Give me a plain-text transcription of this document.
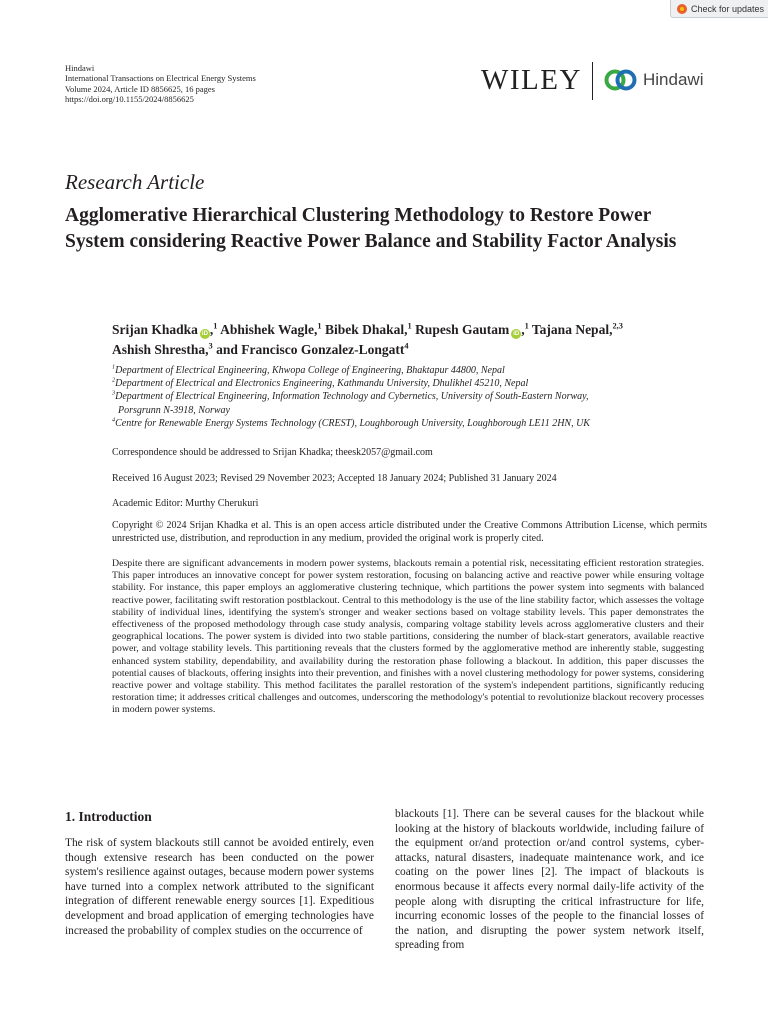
Check for updates
Hindawi
International Transactions on Electrical Energy Systems
Volume 2024, Article ID 8856625, 16 pages
https://doi.org/10.1155/2024/8856625
WILEY	Hindawi
Research Article
Agglomerative Hierarchical Clustering Methodology to Restore Power System considering Reactive Power Balance and Stability Factor Analysis
Srijan Khadka iD ,$^1$ Abhishek Wagle,$^1$ Bibek Dhakal,$^1$ Rupesh Gautam iD ,$^1$ Tajana Nepal,$^{2,3}$
Ashish Shrestha,$^3$ and Francisco Gonzalez-Longatt$^4$
$^1$Department of Electrical Engineering, Khwopa College of Engineering, Bhaktapur 44800, Nepal
$^2$Department of Electrical and Electronics Engineering, Kathmandu University, Dhulikhel 45210, Nepal
$^3$Department of Electrical Engineering, Information Technology and Cybernetics, University of South-Eastern Norway,
Porsgrunn N-3918, Norway
$^4$Centre for Renewable Energy Systems Technology (CREST), Loughborough University, Loughborough LE11 2HN, UK
Correspondence should be addressed to Srijan Khadka; theesk2057@gmail.com
Received 16 August 2023; Revised 29 November 2023; Accepted 18 January 2024; Published 31 January 2024
Academic Editor: Murthy Cherukuri
Copyright © 2024 Srijan Khadka et al. This is an open access article distributed under the Creative Commons Attribution License, which permits unrestricted use, distribution, and reproduction in any medium, provided the original work is properly cited.
Despite there are significant advancements in modern power systems, blackouts remain a potential risk, necessitating efficient restoration strategies. This paper introduces an innovative concept for power system restoration, focusing on balancing active and reactive power while ensuring voltage stability. For instance, this paper employs an agglomerative clustering technique, which partitions the power system into segments with balanced reactive power, facilitating swift restoration postblackout. Central to this methodology is the use of the line stability factor, which assesses the voltage stability of individual lines, identifying the system's stronger and weaker sections based on voltage stability levels. This paper demonstrates the effectiveness of the proposed methodology through case study analysis, comparing voltage stability levels across agglomerative clusters and their geographical locations. The power system is divided into two stable partitions, considering the number of black-start generators, available reactive power, and voltage stability levels. This partitioning reveals that the clusters formed by the agglomerative method are inherently stable, suggesting enhanced system stability, dependability, and availability during the restoration phase following a blackout. In addition, this paper discusses the potential causes of blackouts, offering insights into their prevention, and finishes with a novel clustering methodology for power systems, considering reactive power and voltage stability. This method facilitates the parallel restoration of the system's independent partitions, significantly reducing restoration time; it addresses critical challenges and outcomes, underscoring the methodology's potential to revolutionize blackout recovery processes in modern power systems.
1. Introduction
The risk of system blackouts still cannot be avoided entirely, even though extensive research has been conducted on the power system's resilience against outages, because modern power systems have turned into a complex network attributed to the significant integration of different renewable energy sources [1]. Expeditious development and broad application of emerging technologies have increased the probability of complex studies on the occurrence of
blackouts [1]. There can be several causes for the blackout while looking at the history of blackouts worldwide, including failure of the equipment or/and protection or/and control systems, cyber-attacks, natural disasters, inadequate maintenance work, and ice coating on the power lines [2]. The impact of blackouts is enormous because it affects every normal daily-life activity of the people along with disrupting the critical infrastructure for life, incurring economic losses of the people to the financial losses of the nation, and disrupting the power system network itself, spreading from
